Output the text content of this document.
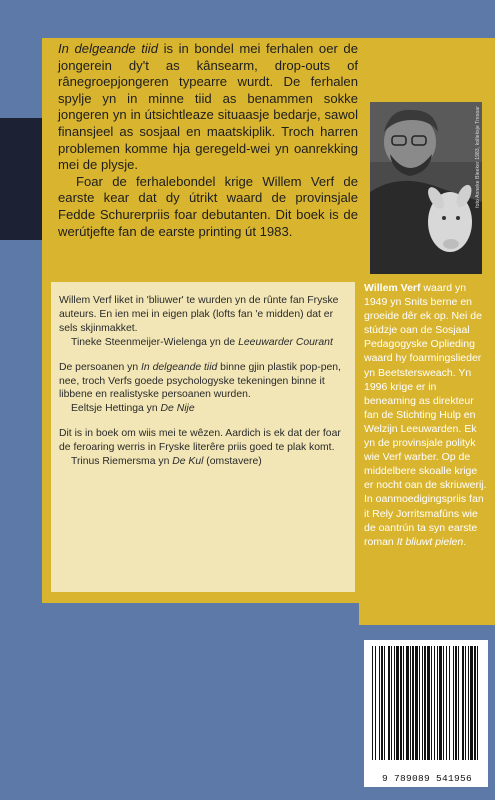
In delgeande tiid is in bondel mei ferhalen oer de jongerein dy't as kânsearm, drop-outs of rânegroepjongeren typearre wurdt. De ferhalen spylje yn in minne tiid as benammen sokke jongeren yn in útsichtleaze situaasje bedarje, sawol finansjeel as sosjaal en maatskiplik. Troch harren problemen komme hja geregeld-wei yn oanrekking mei de plysje.

Foar de ferhalebondel krige Willem Verf de earste kear dat dy útrikt waard de provinsjale Fedde Schurerpriis foar debutanten. Dit boek is de werútjefte fan de earste printing út 1983.

Willem Verf liket in 'bliuwer' te wurden yn de rûnte fan Fryske auteurs. En ien mei in eigen plak (lofts fan 'e midden) dat er sels skjinmakket.
Tineke Steenmeijer-Wielenga yn de Leeuwarder Courant
De persoanen yn In delgeande tiid binne gjin plastik pop-pen, nee, troch Verfs goede psychologyske tekeningen binne it libbene en realistyske persoanen wurden.
Eeltsje Hettinga yn De Nije
Dit is in boek om wiis mei te wêzen. Aardich is ek dat der foar de feroaring werris in Fryske literêre priis goed te plak komt.
Trinus Riemersma yn De Kul (omstavere)
foto Anneke Bleeker 1983, kolleksje Tresoar
Willem Verf waard yn 1949 yn Snits berne en groeide dêr ek op. Nei de stúdzje oan de Sosjaal Pedagogyske Oplieding waard hy foarmingslieder yn Beetstersweach. Yn 1996 krige er in beneaming as direkteur fan de Stichting Hulp en Welzijn Leeuwarden. Ek yn de provinsjale polityk wie Verf warber. Op de middelbere skoalle krige er nocht oan de skriuwerij. In oanmoedigingspriis fan it Rely Jorritsmafûns wie de oantrún ta syn earste roman It bliuwt pielen.
9 789089 541956
